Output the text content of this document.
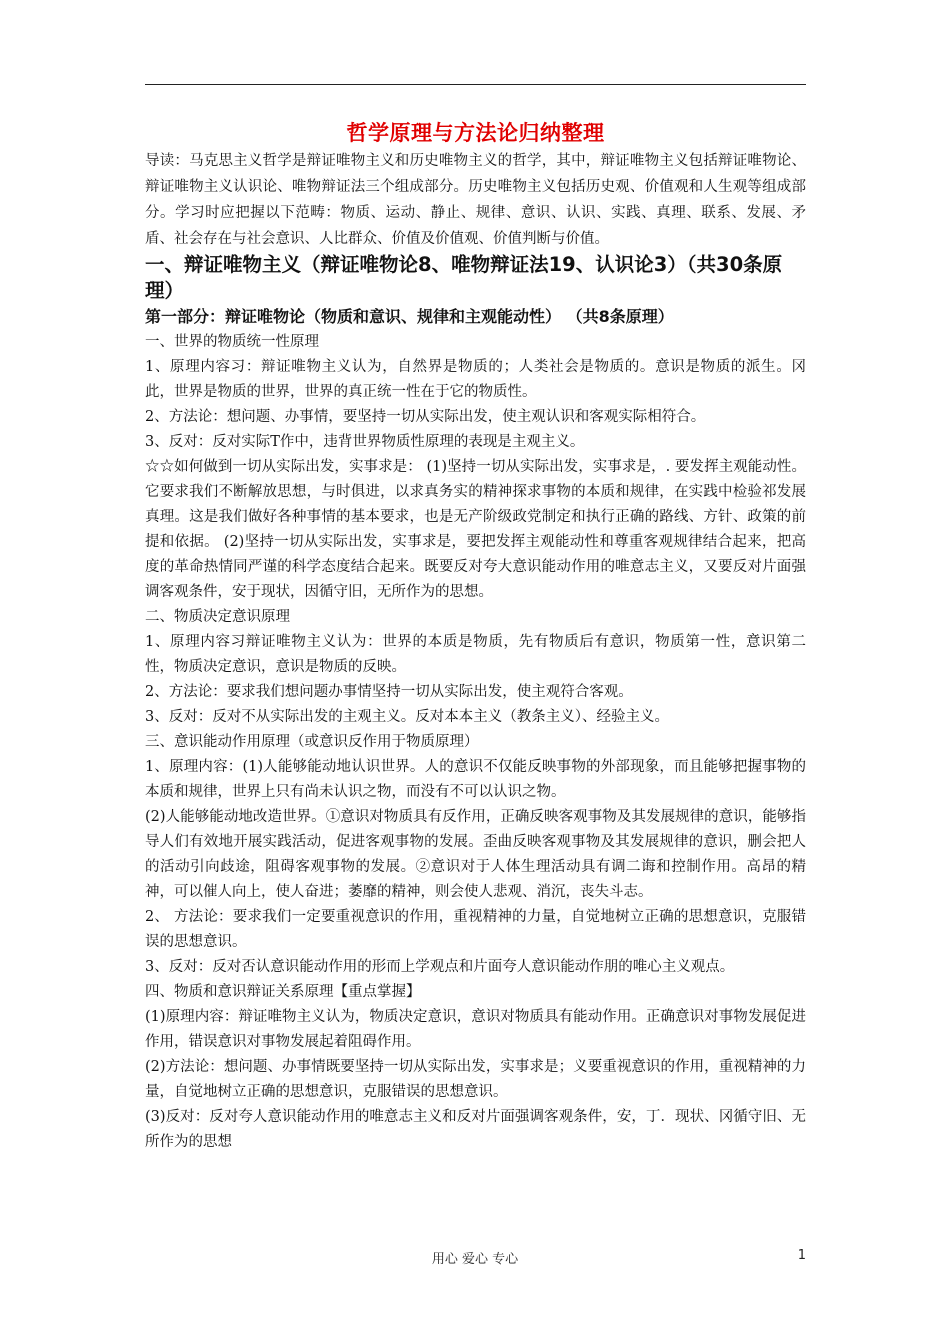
哲学原理与方法论归纳整理

导读：马克思主义哲学是辩证唯物主义和历史唯物主义的哲学，其中，辩证唯物主义包括辩证唯物论、辩证唯物主义认识论、唯物辩证法三个组成部分。历史唯物主义包括历史观、价值观和人生观等组成部分。学习时应把握以下范畴：物质、运动、静止、规律、意识、认识、实践、真理、联系、发展、矛盾、社会存在与社会意识、人比群众、价值及价值观、价值判断与价值。

一、辩证唯物主义（辩证唯物论8、唯物辩证法19、认识论3）（共30条原理）
第一部分：辩证唯物论（物质和意识、规律和主观能动性） （共8条原理）

一、世界的物质统一性原理

1、原理内容习：辩证唯物主义认为，自然界是物质的；人类社会是物质的。意识是物质的派生。冈此，世界是物质的世界，世界的真正统一性在于它的物质性。

2、方法论：想问题、办事情，要坚持一切从实际出发，使主观认识和客观实际相符合。

3、反对：反对实际T作中，违背世界物质性原理的表现是主观主义。

☆☆如何做到一切从实际出发，实事求是： (1)坚持一切从实际出发，实事求是，. 要发挥主观能动性。它要求我们不断解放思想，与时俱进，以求真务实的精神探求事物的本质和规律，在实践中检验祁发展真理。这是我们做好各种事情的基本要求，也是无产阶级政党制定和执行正确的路线、方针、政策的前提和依据。 (2)坚持一切从实际出发，实事求是，要把发挥主观能动性和尊重客观规律结合起来，把高度的革命热情同严谨的科学态度结合起来。既要反对夸大意识能动作用的唯意志主义，又要反对片面强调客观条件，安于现状，因循守旧，无所作为的思想。

二、物质决定意识原理

1、原理内容习辩证唯物主义认为：世界的本质是物质，先有物质后有意识，物质第一性，意识第二性，物质决定意识，意识是物质的反映。

2、方法论：要求我们想问题办事情坚持一切从实际出发，使主观符合客观。

3、反对：反对不从实际出发的主观主义。反对本本主义（教条主义）、经验主义。

三、意识能动作用原理（或意识反作用于物质原理）

1、原理内容：(1)人能够能动地认识世界。人的意识不仅能反映事物的外部现象，而且能够把握事物的本质和规律，世界上只有尚未认识之物，而没有不可以认识之物。

(2)人能够能动地改造世界。①意识对物质具有反作用，正确反映客观事物及其发展规律的意识，能够指导人们有效地开展实践活动，促进客观事物的发展。歪曲反映客观事物及其发展规律的意识，删会把人的活动引向歧途，阻碍客观事物的发展。②意识对于人体生理活动具有调二诲和控制作用。高昂的精神，可以催人向上，使人奋进；萎靡的精神，则会使人悲观、消沉，丧失斗志。

2、 方法论：要求我们一定要重视意识的作用，重视精神的力量，自觉地树立正确的思想意识，克服错误的思想意识。

3、反对：反对否认意识能动作用的形而上学观点和片面夸人意识能动作朋的唯心主义观点。

四、物质和意识辩证关系原理【重点掌握】

(1)原理内容：辩证唯物主义认为，物质决定意识，意识对物质具有能动作用。正确意识对事物发展促进作用，错误意识对事物发展起着阻碍作用。

(2)方法论：想问题、办事情既要坚持一切从实际出发，实事求是；义要重视意识的作用，重视精神的力量，自觉地树立正确的思想意识，克服错误的思想意识。

(3)反对：反对夸人意识能动作用的唯意志主义和反对片面强调客观条件，安，丁．现状、冈循守旧、无所作为的思想

用心 爱心 专心	1
